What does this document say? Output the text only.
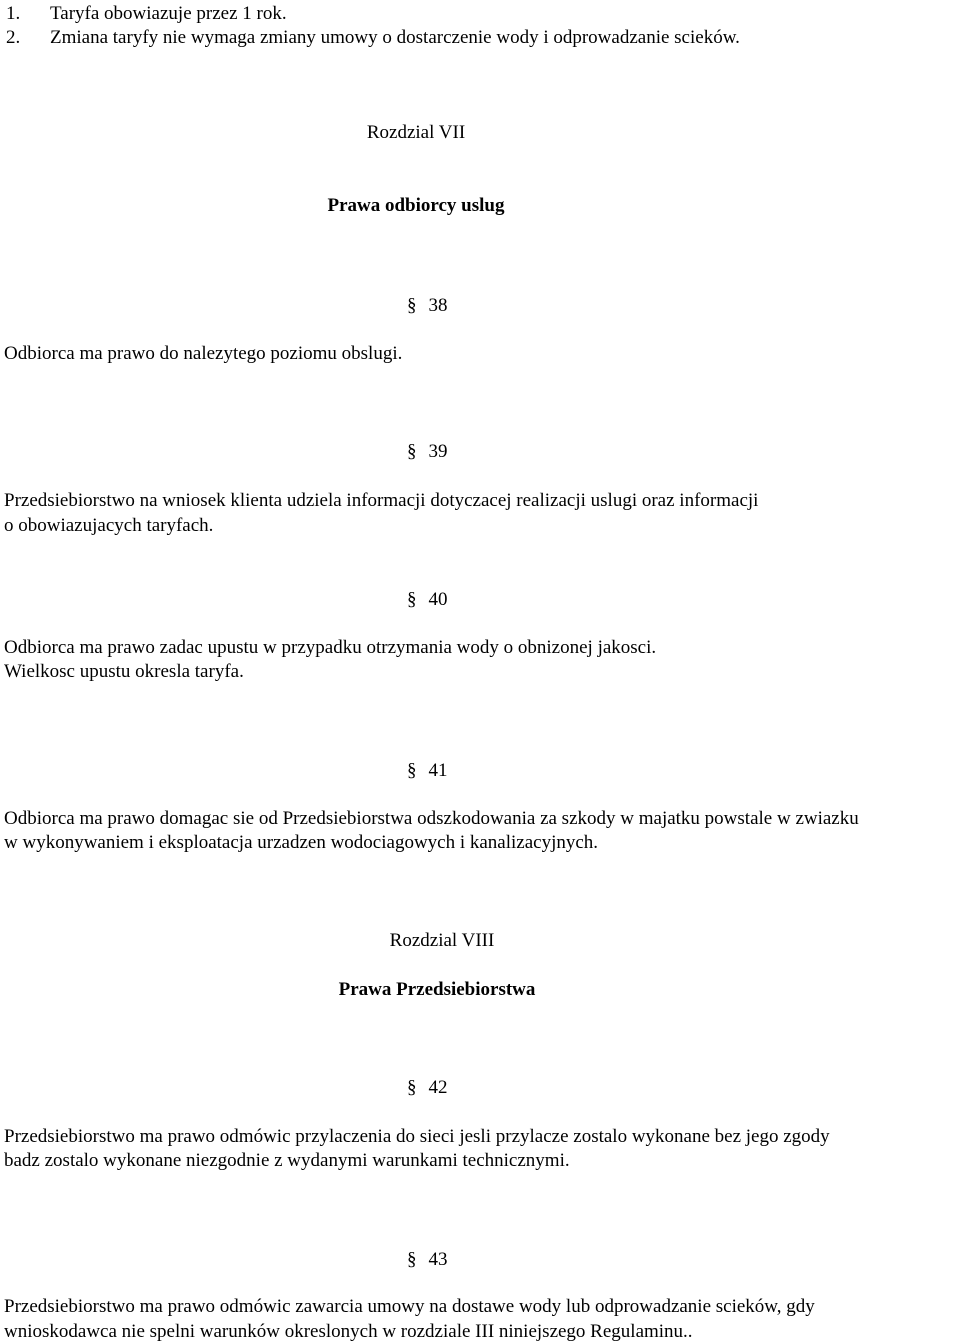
1. Taryfa obowiazuje przez 1 rok.
2. Zmiana taryfy nie wymaga zmiany umowy o dostarczenie wody i odprowadzanie scieków.
Rozdzial VII
Prawa odbiorcy uslug
§ 38
Odbiorca ma prawo do nalezytego poziomu obslugi.
§ 39
Przedsiebiorstwo na wniosek klienta udziela informacji dotyczacej realizacji uslugi oraz informacji
o obowiazujacych taryfach.
§ 40
Odbiorca ma prawo zadac upustu w przypadku otrzymania wody o obnizonej jakosci.
Wielkosc upustu okresla taryfa.
§ 41
Odbiorca ma prawo domagac sie od Przedsiebiorstwa odszkodowania za szkody w majatku powstale w zwiazku
w wykonywaniem i eksploatacja urzadzen wodociagowych i kanalizacyjnych.
Rozdzial VIII
Prawa Przedsiebiorstwa
§ 42
Przedsiebiorstwo ma prawo odmówic przylaczenia do sieci jesli przylacze zostalo wykonane bez jego zgody
badz zostalo wykonane niezgodnie z wydanymi warunkami technicznymi.
§ 43
Przedsiebiorstwo ma prawo odmówic zawarcia umowy na dostawe wody lub odprowadzanie scieków, gdy
wnioskodawca nie spelni warunków okreslonych w rozdziale III niniejszego Regulaminu..
